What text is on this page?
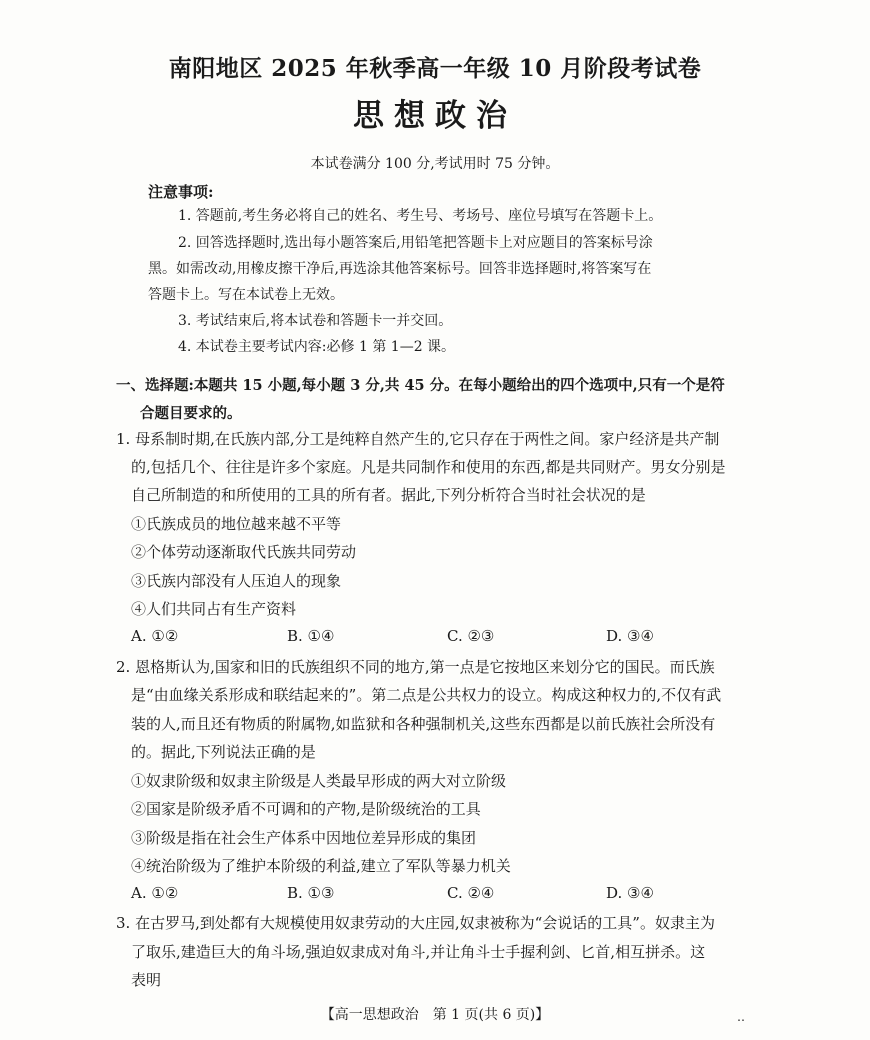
南阳地区 2025 年秋季高一年级 10 月阶段考试卷
思想政治
本试卷满分 100 分,考试用时 75 分钟。
注意事项:
1. 答题前,考生务必将自己的姓名、考生号、考场号、座位号填写在答题卡上。
2. 回答选择题时,选出每小题答案后,用铅笔把答题卡上对应题目的答案标号涂
黑。如需改动,用橡皮擦干净后,再选涂其他答案标号。回答非选择题时,将答案写在
答题卡上。写在本试卷上无效。
3. 考试结束后,将本试卷和答题卡一并交回。
4. 本试卷主要考试内容:必修 1 第 1—2 课。
一、选择题:本题共 15 小题,每小题 3 分,共 45 分。在每小题给出的四个选项中,只有一个是符
合题目要求的。
1. 母系制时期,在氏族内部,分工是纯粹自然产生的,它只存在于两性之间。家户经济是共产制
的,包括几个、往往是许多个家庭。凡是共同制作和使用的东西,都是共同财产。男女分别是
自己所制造的和所使用的工具的所有者。据此,下列分析符合当时社会状况的是
①氏族成员的地位越来越不平等
②个体劳动逐渐取代氏族共同劳动
③氏族内部没有人压迫人的现象
④人们共同占有生产资料
A. ①②	B. ①④	C. ②③	D. ③④
2. 恩格斯认为,国家和旧的氏族组织不同的地方,第一点是它按地区来划分它的国民。而氏族
是“由血缘关系形成和联结起来的”。第二点是公共权力的设立。构成这种权力的,不仅有武
装的人,而且还有物质的附属物,如监狱和各种强制机关,这些东西都是以前氏族社会所没有
的。据此,下列说法正确的是
①奴隶阶级和奴隶主阶级是人类最早形成的两大对立阶级
②国家是阶级矛盾不可调和的产物,是阶级统治的工具
③阶级是指在社会生产体系中因地位差异形成的集团
④统治阶级为了维护本阶级的利益,建立了军队等暴力机关
A. ①②	B. ①③	C. ②④	D. ③④
3. 在古罗马,到处都有大规模使用奴隶劳动的大庄园,奴隶被称为“会说话的工具”。奴隶主为
了取乐,建造巨大的角斗场,强迫奴隶成对角斗,并让角斗士手握利剑、匕首,相互拼杀。这
表明
【高一思想政治　第 1 页(共 6 页)】	‥
